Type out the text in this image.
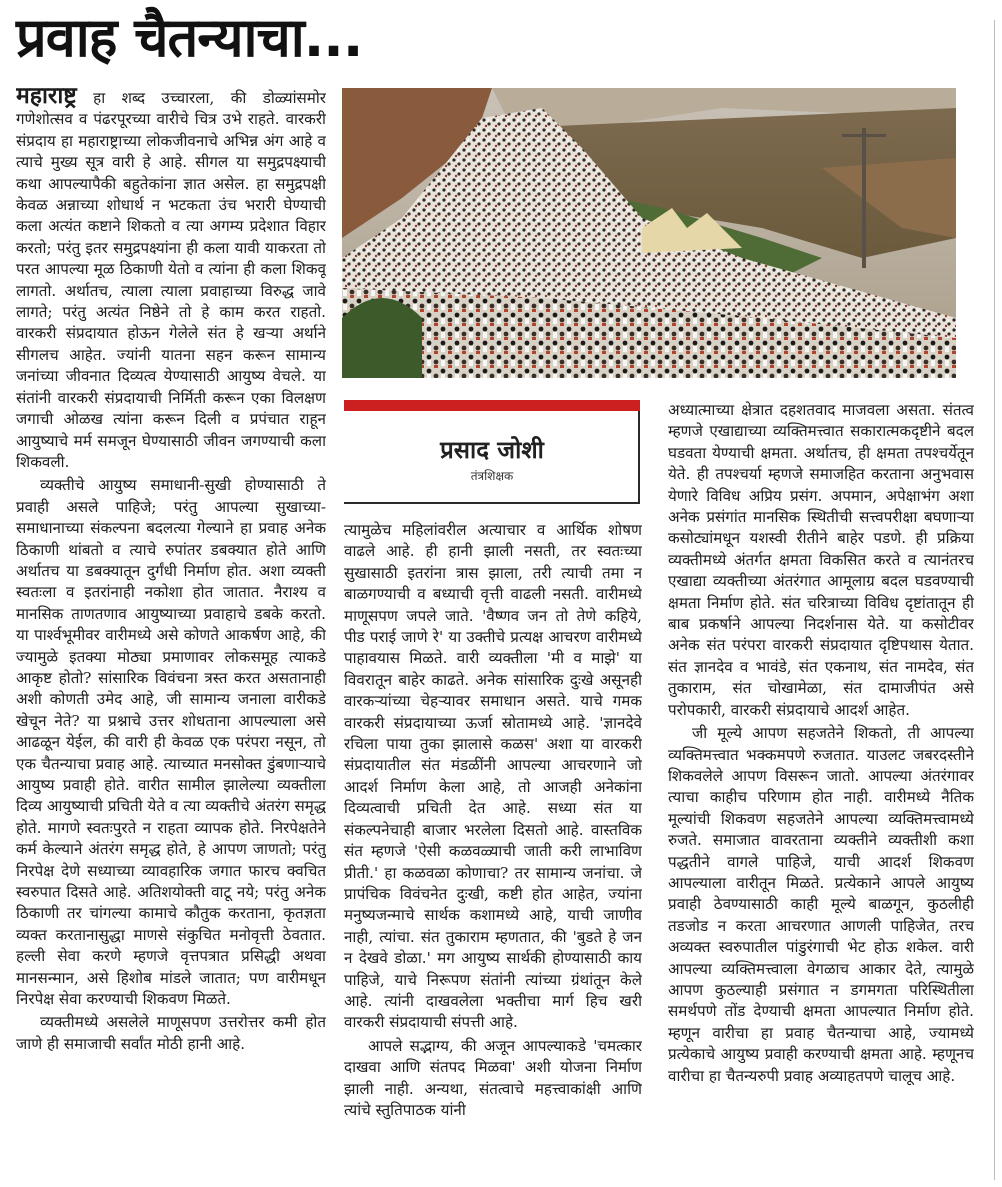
प्रवाह चैतन्याचा...

महाराष्ट्र हा शब्द उच्चारला, की डोळ्यांसमोर गणेशोत्सव व पंढरपूरच्या वारीचे चित्र उभे राहते. वारकरी संप्रदाय हा महाराष्ट्राच्या लोकजीवनाचे अभिन्न अंग आहे व त्याचे मुख्य सूत्र वारी हे आहे. सीगल या समुद्रपक्ष्याची कथा आपल्यापैकी बहुतेकांना ज्ञात असेल. हा समुद्रपक्षी केवळ अन्नाच्या शोधार्थ न भटकता उंच भरारी घेण्याची कला अत्यंत कष्टाने शिकतो व त्या अगम्य प्रदेशात विहार करतो; परंतु इतर समुद्रपक्ष्यांना ही कला यावी याकरता तो परत आपल्या मूळ ठिकाणी येतो व त्यांना ही कला शिकवू लागतो. अर्थातच, त्याला त्याला प्रवाहाच्या विरुद्ध जावे लागते; परंतु अत्यंत निष्ठेने तो हे काम करत राहतो. वारकरी संप्रदायात होऊन गेलेले संत हे खऱ्या अर्थाने सीगलच आहेत. ज्यांनी यातना सहन करून सामान्य जनांच्या जीवनात दिव्यत्व येण्यासाठी आयुष्य वेचले. या संतांनी वारकरी संप्रदायाची निर्मिती करून एका विलक्षण जगाची ओळख त्यांना करून दिली व प्रपंचात राहून आयुष्याचे मर्म समजून घेण्यासाठी जीवन जगण्याची कला शिकवली.

व्यक्तीचे आयुष्य समाधानी-सुखी होण्यासाठी ते प्रवाही असले पाहिजे; परंतु आपल्या सुखाच्या-समाधानाच्या संकल्पना बदलत्या गेल्याने हा प्रवाह अनेक ठिकाणी थांबतो व त्याचे रुपांतर डबक्यात होते आणि अर्थातच या डबक्यातून दुर्गंधी निर्माण होत. अशा व्यक्ती स्वतःला व इतरांनाही नकोशा होत जातात. नैराश्य व मानसिक ताणतणाव आयुष्याच्या प्रवाहाचे डबके करतो. या पार्श्वभूमीवर वारीमध्ये असे कोणते आकर्षण आहे, की ज्यामुळे इतक्या मोठ्या प्रमाणावर लोकसमूह त्याकडे आकृष्ट होतो? सांसारिक विवंचना त्रस्त करत असतानाही अशी कोणती उमेद आहे, जी सामान्य जनाला वारीकडे खेचून नेते? या प्रश्नाचे उत्तर शोधताना आपल्याला असे आढळून येईल, की वारी ही केवळ एक परंपरा नसून, तो एक चैतन्याचा प्रवाह आहे. त्याच्यात मनसोक्त डुंबणाऱ्याचे आयुष्य प्रवाही होते. वारीत सामील झालेल्या व्यक्तीला दिव्य आयुष्याची प्रचिती येते व त्या व्यक्तीचे अंतरंग समृद्ध होते. मागणे स्वतःपुरते न राहता व्यापक होते. निरपेक्षतेने कर्म केल्याने अंतरंग समृद्ध होते, हे आपण जाणतो; परंतु निरपेक्ष देणे सध्याच्या व्यावहारिक जगात फारच क्वचित स्वरुपात दिसते आहे. अतिशयोक्ती वाटू नये; परंतु अनेक ठिकाणी तर चांगल्या कामाचे कौतुक करताना, कृतज्ञता व्यक्त करतानासुद्धा माणसे संकुचित मनोवृत्ती ठेवतात. हल्ली सेवा करणे म्हणजे वृत्तपत्रात प्रसिद्धी अथवा मानसन्मान, असे हिशोब मांडले जातात; पण वारीमधून निरपेक्ष सेवा करण्याची शिकवण मिळते.

व्यक्तीमध्ये असलेले माणूसपण उत्तरोत्तर कमी होत जाणे ही समाजाची सर्वांत मोठी हानी आहे.

प्रसाद जोशी
तंत्रशिक्षक

त्यामुळेच महिलांवरील अत्याचार व आर्थिक शोषण वाढले आहे. ही हानी झाली नसती, तर स्वतःच्या सुखासाठी इतरांना त्रास झाला, तरी त्याची तमा न बाळगण्याची व बध्याची वृत्ती वाढली नसती. वारीमध्ये माणूसपण जपले जाते. 'वैष्णव जन तो तेणे कहिये, पीड पराई जाणे रे' या उक्तीचे प्रत्यक्ष आचरण वारीमध्ये पाहावयास मिळते. वारी व्यक्तीला 'मी व माझे' या विवरातून बाहेर काढते. अनेक सांसारिक दुःखे असूनही वारकऱ्यांच्या चेहऱ्यावर समाधान असते. याचे गमक वारकरी संप्रदायाच्या ऊर्जा स्रोतामध्ये आहे. 'ज्ञानदेवे रचिला पाया तुका झालासे कळस' अशा या वारकरी संप्रदायातील संत मंडळींनी आपल्या आचरणाने जो आदर्श निर्माण केला आहे, तो आजही अनेकांना दिव्यत्वाची प्रचिती देत आहे. सध्या संत या संकल्पनेचाही बाजार भरलेला दिसतो आहे. वास्तविक संत म्हणजे 'ऐसी कळवळ्याची जाती करी लाभाविण प्रीती.' हा कळवळा कोणाचा? तर सामान्य जनांचा. जे प्रापंचिक विवंचनेत दुःखी, कष्टी होत आहेत, ज्यांना मनुष्यजन्माचे सार्थक कशामध्ये आहे, याची जाणीव नाही, त्यांचा. संत तुकाराम म्हणतात, की 'बुडते हे जन न देखवे डोळा.' मग आयुष्य सार्थकी होण्यासाठी काय पाहिजे, याचे निरूपण संतांनी त्यांच्या ग्रंथांतून केले आहे. त्यांनी दाखवलेला भक्तीचा मार्ग हिच खरी वारकरी संप्रदायाची संपत्ती आहे.

आपले सद्भाग्य, की अजून आपल्याकडे 'चमत्कार दाखवा आणि संतपद मिळवा' अशी योजना निर्माण झाली नाही. अन्यथा, संतत्वाचे महत्त्वाकांक्षी आणि त्यांचे स्तुतिपाठक यांनी

अध्यात्माच्या क्षेत्रात दहशतवाद माजवला असता. संतत्व म्हणजे एखाद्याच्या व्यक्तिमत्त्वात सकारात्मकदृष्टीने बदल घडवता येण्याची क्षमता. अर्थातच, ही क्षमता तपश्चर्येतून येते. ही तपश्चर्या म्हणजे समाजहित करताना अनुभवास येणारे विविध अप्रिय प्रसंग. अपमान, अपेक्षाभंग अशा अनेक प्रसंगांत मानसिक स्थितीची सत्त्वपरीक्षा बघणाऱ्या कसोट्यांमधून यशस्वी रीतीने बाहेर पडणे. ही प्रक्रिया व्यक्तीमध्ये अंतर्गत क्षमता विकसित करते व त्यानंतरच एखाद्या व्यक्तीच्या अंतरंगात आमूलाग्र बदल घडवण्याची क्षमता निर्माण होते. संत चरित्राच्या विविध दृष्टांतातून ही बाब प्रकर्षाने आपल्या निदर्शनास येते. या कसोटीवर अनेक संत परंपरा वारकरी संप्रदायात दृष्टिपथास येतात. संत ज्ञानदेव व भावंडे, संत एकनाथ, संत नामदेव, संत तुकाराम, संत चोखामेळा, संत दामाजीपंत असे परोपकारी, वारकरी संप्रदायाचे आदर्श आहेत.

जी मूल्ये आपण सहजतेने शिकतो, ती आपल्या व्यक्तिमत्त्वात भक्कमपणे रुजतात. याउलट जबरदस्तीने शिकवलेले आपण विसरून जातो. आपल्या अंतरंगावर त्याचा काहीच परिणाम होत नाही. वारीमध्ये नैतिक मूल्यांची शिकवण सहजतेने आपल्या व्यक्तिमत्त्वामध्ये रुजते. समाजात वावरताना व्यक्तीने व्यक्तीशी कशा पद्धतीने वागले पाहिजे, याची आदर्श शिकवण आपल्याला वारीतून मिळते. प्रत्येकाने आपले आयुष्य प्रवाही ठेवण्यासाठी काही मूल्ये बाळगून, कुठलीही तडजोड न करता आचरणात आणली पाहिजेत, तरच अव्यक्त स्वरुपातील पांडुरंगाची भेट होऊ शकेल. वारी आपल्या व्यक्तिमत्त्वाला वेगळाच आकार देते, त्यामुळे आपण कुठल्याही प्रसंगात न डगमगता परिस्थितीला समर्थपणे तोंड देण्याची क्षमता आपल्यात निर्माण होते. म्हणून वारीचा हा प्रवाह चैतन्याचा आहे, ज्यामध्ये प्रत्येकाचे आयुष्य प्रवाही करण्याची क्षमता आहे. म्हणूनच वारीचा हा चैतन्यरुपी प्रवाह अव्याहतपणे चालूच आहे.
